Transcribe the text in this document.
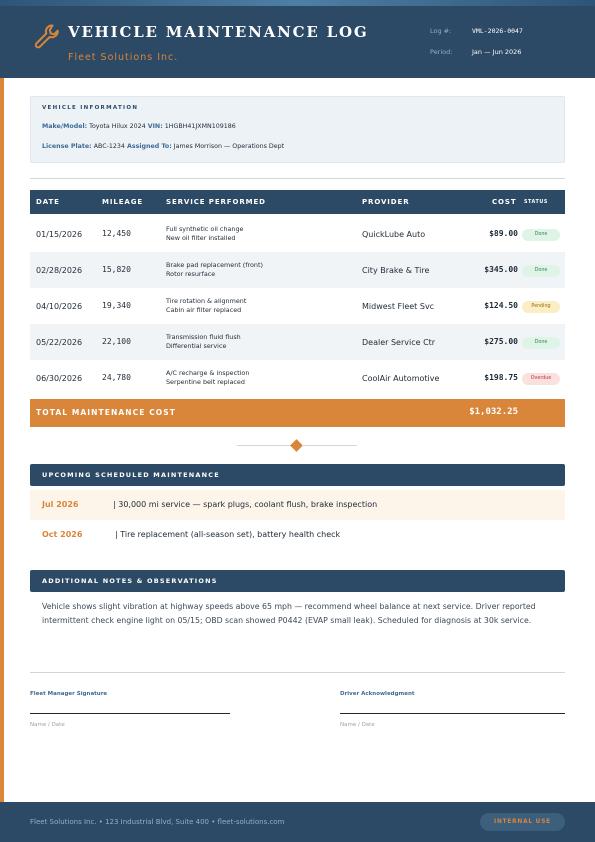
VEHICLE MAINTENANCE LOG
Fleet Solutions Inc.
Log #:	VML-2026-0047
Period:	Jan — Jun 2026
VEHICLE INFORMATION
Make/Model: Toyota Hilux 2024 VIN: 1HGBH41JXMN109186
License Plate: ABC-1234 Assigned To: James Morrison — Operations Dept
DATE	MILEAGE	SERVICE PERFORMED	PROVIDER	COST STATUS
01/15/2026 12,450	Full synthetic oil change
New oil filter installed	QuickLube Auto	$89.00	Done
02/28/2026 15,820	Brake pad replacement (front)
Rotor resurface	City Brake & Tire	$345.00	Done
04/10/2026 19,340	Tire rotation & alignment
Cabin air filter replaced	Midwest Fleet Svc	$124.50	Pending
05/22/2026 22,100	Transmission fluid flush
Differential service	Dealer Service Ctr	$275.00	Done
06/30/2026 24,780	A/C recharge & inspection
Serpentine belt replaced	CoolAir Automotive	$198.75	Overdue
TOTAL MAINTENANCE COST	$1,032.25
UPCOMING SCHEDULED MAINTENANCE
Jul 2026	| 30,000 mi service — spark plugs, coolant flush, brake inspection
Oct 2026	| Tire replacement (all-season set), battery health check
ADDITIONAL NOTES & OBSERVATIONS
Vehicle shows slight vibration at highway speeds above 65 mph — recommend wheel balance at next service. Driver reported intermittent check engine light on 05/15; OBD scan showed P0442 (EVAP small leak). Scheduled for diagnosis at 30k service.
Fleet Manager Signature
Name / Date
Driver Acknowledgment
Name / Date
Fleet Solutions Inc. • 123 Industrial Blvd, Suite 400 • fleet-solutions.com	INTERNAL USE
